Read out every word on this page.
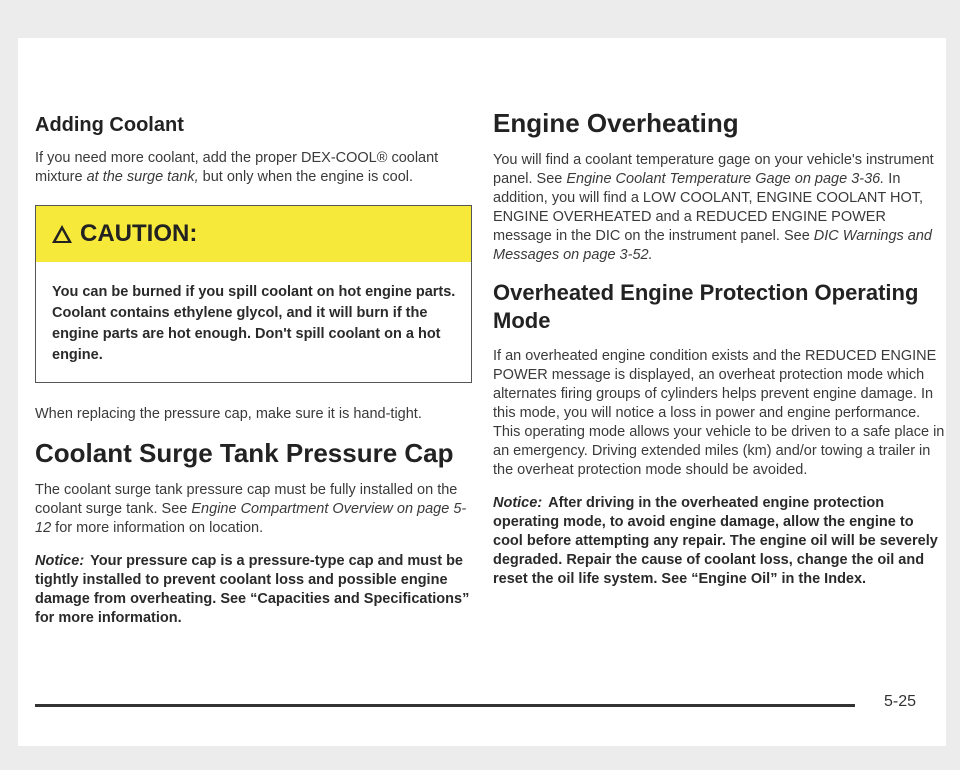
Adding Coolant

If you need more coolant, add the proper DEX-COOL® coolant mixture at the surge tank, but only when the engine is cool.

CAUTION:
You can be burned if you spill coolant on hot engine parts. Coolant contains ethylene glycol, and it will burn if the engine parts are hot enough. Don't spill coolant on a hot engine.

When replacing the pressure cap, make sure it is hand-tight.

Coolant Surge Tank Pressure Cap

The coolant surge tank pressure cap must be fully installed on the coolant surge tank. See Engine Compartment Overview on page 5-12 for more information on location.

Notice: Your pressure cap is a pressure-type cap and must be tightly installed to prevent coolant loss and possible engine damage from overheating. See “Capacities and Specifications” for more information.

Engine Overheating

You will find a coolant temperature gage on your vehicle's instrument panel. See Engine Coolant Temperature Gage on page 3-36. In addition, you will find a LOW COOLANT, ENGINE COOLANT HOT, ENGINE OVERHEATED and a REDUCED ENGINE POWER message in the DIC on the instrument panel. See DIC Warnings and Messages on page 3-52.

Overheated Engine Protection Operating Mode

If an overheated engine condition exists and the REDUCED ENGINE POWER message is displayed, an overheat protection mode which alternates firing groups of cylinders helps prevent engine damage. In this mode, you will notice a loss in power and engine performance. This operating mode allows your vehicle to be driven to a safe place in an emergency. Driving extended miles (km) and/or towing a trailer in the overheat protection mode should be avoided.

Notice: After driving in the overheated engine protection operating mode, to avoid engine damage, allow the engine to cool before attempting any repair. The engine oil will be severely degraded. Repair the cause of coolant loss, change the oil and reset the oil life system. See “Engine Oil” in the Index.

5-25
